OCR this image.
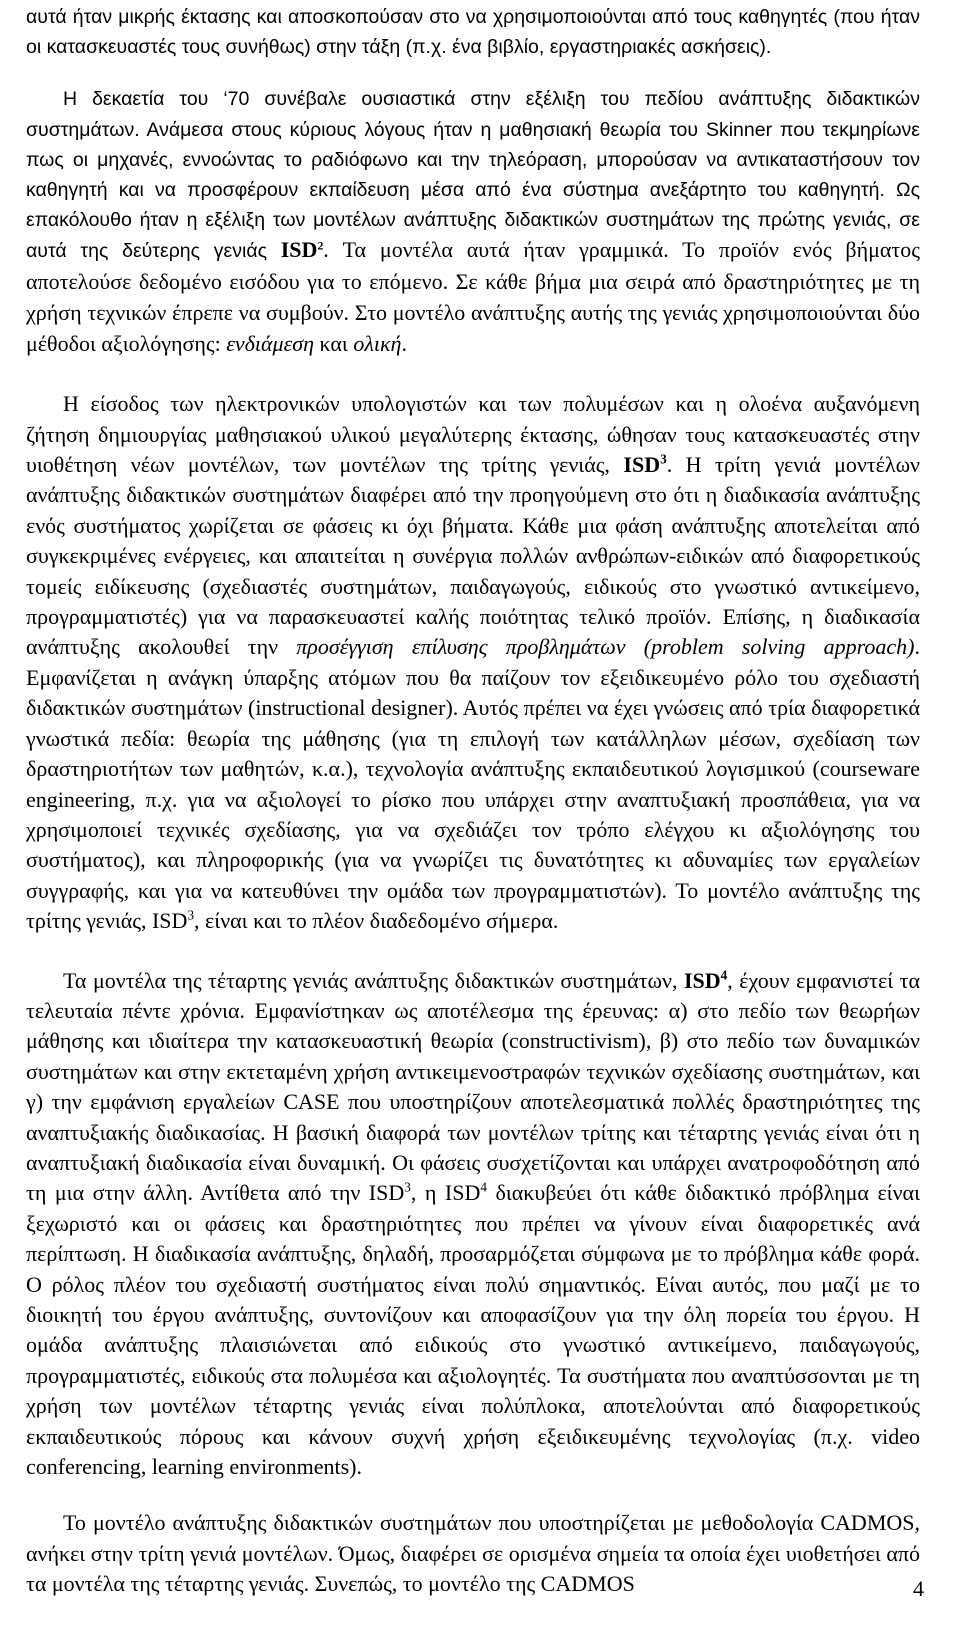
αυτά ήταν μικρής έκτασης και αποσκοπούσαν στο να χρησιμοποιούνται από τους καθηγητές (που ήταν οι κατασκευαστές τους συνήθως) στην τάξη (π.χ. ένα βιβλίο, εργαστηριακές ασκήσεις).

Η δεκαετία του ‘70 συνέβαλε ουσιαστικά στην εξέλιξη του πεδίου ανάπτυξης διδακτικών συστημάτων. Ανάμεσα στους κύριους λόγους ήταν η μαθησιακή θεωρία του Skinner που τεκμηρίωνε πως οι μηχανές, εννοώντας το ραδιόφωνο και την τηλεόραση, μπορούσαν να αντικαταστήσουν τον καθηγητή και να προσφέρουν εκπαίδευση μέσα από ένα σύστημα ανεξάρτητο του καθηγητή. Ως επακόλουθο ήταν η εξέλιξη των μοντέλων ανάπτυξης διδακτικών συστημάτων της πρώτης γενιάς, σε αυτά της δεύτερης γενιάς ISD$^2$. Τα μοντέλα αυτά ήταν γραμμικά. Το προϊόν ενός βήματος αποτελούσε δεδομένο εισόδου για το επόμενο. Σε κάθε βήμα μια σειρά από δραστηριότητες με τη χρήση τεχνικών έπρεπε να συμβούν. Στο μοντέλο ανάπτυξης αυτής της γενιάς χρησιμοποιούνται δύο μέθοδοι αξιολόγησης: ενδιάμεση και ολική.

Η είσοδος των ηλεκτρονικών υπολογιστών και των πολυμέσων και η ολοένα αυξανόμενη ζήτηση δημιουργίας μαθησιακού υλικού μεγαλύτερης έκτασης, ώθησαν τους κατασκευαστές στην υιοθέτηση νέων μοντέλων, των μοντέλων της τρίτης γενιάς, ISD$^3$. Η τρίτη γενιά μοντέλων ανάπτυξης διδακτικών συστημάτων διαφέρει από την προηγούμενη στο ότι η διαδικασία ανάπτυξης ενός συστήματος χωρίζεται σε φάσεις κι όχι βήματα. Κάθε μια φάση ανάπτυξης αποτελείται από συγκεκριμένες ενέργειες, και απαιτείται η συνέργια πολλών ανθρώπων-ειδικών από διαφορετικούς τομείς ειδίκευσης (σχεδιαστές συστημάτων, παιδαγωγούς, ειδικούς στο γνωστικό αντικείμενο, προγραμματιστές) για να παρασκευαστεί καλής ποιότητας τελικό προϊόν. Επίσης, η διαδικασία ανάπτυξης ακολουθεί την προσέγγιση επίλυσης προβλημάτων (problem solving approach). Εμφανίζεται η ανάγκη ύπαρξης ατόμων που θα παίζουν τον εξειδικευμένο ρόλο του σχεδιαστή διδακτικών συστημάτων (instructional designer). Αυτός πρέπει να έχει γνώσεις από τρία διαφορετικά γνωστικά πεδία: θεωρία της μάθησης (για τη επιλογή των κατάλληλων μέσων, σχεδίαση των δραστηριοτήτων των μαθητών, κ.α.), τεχνολογία ανάπτυξης εκπαιδευτικού λογισμικού (courseware engineering, π.χ. για να αξιολογεί το ρίσκο που υπάρχει στην αναπτυξιακή προσπάθεια, για να χρησιμοποιεί τεχνικές σχεδίασης, για να σχεδιάζει τον τρόπο ελέγχου κι αξιολόγησης του συστήματος), και πληροφορικής (για να γνωρίζει τις δυνατότητες κι αδυναμίες των εργαλείων συγγραφής, και για να κατευθύνει την ομάδα των προγραμματιστών). Το μοντέλο ανάπτυξης της τρίτης γενιάς, ISD$^3$, είναι και το πλέον διαδεδομένο σήμερα.

Τα μοντέλα της τέταρτης γενιάς ανάπτυξης διδακτικών συστημάτων, ISD$^4$, έχουν εμφανιστεί τα τελευταία πέντε χρόνια. Εμφανίστηκαν ως αποτέλεσμα της έρευνας: α) στο πεδίο των θεωρήων μάθησης και ιδιαίτερα την κατασκευαστική θεωρία (constructivism), β) στο πεδίο των δυναμικών συστημάτων και στην εκτεταμένη χρήση αντικειμενοστραφών τεχνικών σχεδίασης συστημάτων, και γ) την εμφάνιση εργαλείων CASE που υποστηρίζουν αποτελεσματικά πολλές δραστηριότητες της αναπτυξιακής διαδικασίας. Η βασική διαφορά των μοντέλων τρίτης και τέταρτης γενιάς είναι ότι η αναπτυξιακή διαδικασία είναι δυναμική. Οι φάσεις συσχετίζονται και υπάρχει ανατροφοδότηση από τη μια στην άλλη. Αντίθετα από την ISD$^3$, η ISD$^4$ διακυβεύει ότι κάθε διδακτικό πρόβλημα είναι ξεχωριστό και οι φάσεις και δραστηριότητες που πρέπει να γίνουν είναι διαφορετικές ανά περίπτωση. Η διαδικασία ανάπτυξης, δηλαδή, προσαρμόζεται σύμφωνα με το πρόβλημα κάθε φορά. Ο ρόλος πλέον του σχεδιαστή συστήματος είναι πολύ σημαντικός. Είναι αυτός, που μαζί με το διοικητή του έργου ανάπτυξης, συντονίζουν και αποφασίζουν για την όλη πορεία του έργου. Η ομάδα ανάπτυξης πλαισιώνεται από ειδικούς στο γνωστικό αντικείμενο, παιδαγωγούς, προγραμματιστές, ειδικούς στα πολυμέσα και αξιολογητές. Τα συστήματα που αναπτύσσονται με τη χρήση των μοντέλων τέταρτης γενιάς είναι πολύπλοκα, αποτελούνται από διαφορετικούς εκπαιδευτικούς πόρους και κάνουν συχνή χρήση εξειδικευμένης τεχνολογίας (π.χ. video conferencing, learning environments).

Το μοντέλο ανάπτυξης διδακτικών συστημάτων που υποστηρίζεται με μεθοδολογία CADMOS, ανήκει στην τρίτη γενιά μοντέλων. Όμως, διαφέρει σε ορισμένα σημεία τα οποία έχει υιοθετήσει από τα μοντέλα της τέταρτης γενιάς. Συνεπώς, το μοντέλο της CADMOS	4
